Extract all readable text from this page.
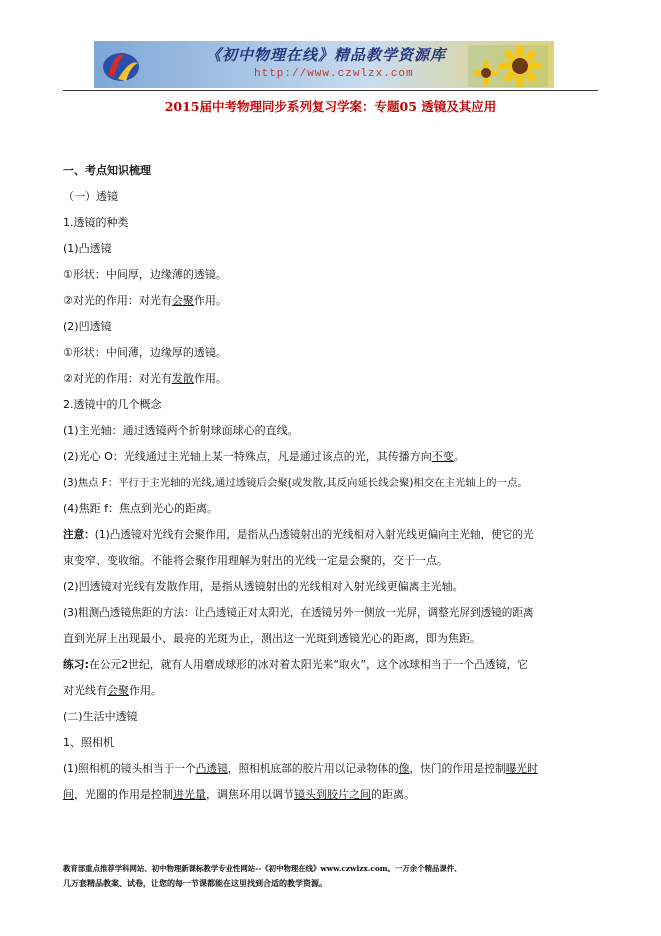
《初中物理在线》精品教学资源库
http://www.czwlzx.com
2015届中考物理同步系列复习学案：专题05 透镜及其应用
一、考点知识梳理
（一）透镜
1.透镜的种类
(1)凸透镜
①形状：中间厚，边缘薄的透镜。
②对光的作用：对光有会聚作用。
(2)凹透镜
①形状：中间薄，边缘厚的透镜。
②对光的作用：对光有发散作用。
2.透镜中的几个概念
(1)主光轴：通过透镜两个折射球面球心的直线。
(2)光心 O：光线通过主光轴上某一特殊点，凡是通过该点的光，其传播方向不变。
(3)焦点 F：平行于主光轴的光线,通过透镜后会聚(或发散,其反向延长线会聚)相交在主光轴上的一点。
(4)焦距 f：焦点到光心的距离。
注意：(1)凸透镜对光线有会聚作用，是指从凸透镜射出的光线相对入射光线更偏向主光轴，使它的光
束变窄、变收缩。不能将会聚作用理解为射出的光线一定是会聚的，交于一点。
(2)凹透镜对光线有发散作用，是指从透镜射出的光线相对入射光线更偏离主光轴。
(3)粗测凸透镜焦距的方法：让凸透镜正对太阳光，在透镜另外一侧放一光屏，调整光屏到透镜的距离
直到光屏上出现最小、最亮的光斑为止，测出这一光斑到透镜光心的距离，即为焦距。
练习:在公元2世纪，就有人用磨成球形的冰对着太阳光来“取火”，这个冰球相当于一个凸透镜，它
对光线有会聚作用。
(二)生活中透镜
1、照相机
(1)照相机的镜头相当于一个凸透镜，照相机底部的胶片用以记录物体的像，快门的作用是控制曝光时
间，光圈的作用是控制进光量，调焦环用以调节镜头到胶片之间的距离。
教育部重点推荐学科网站、初中物理新课标教学专业性网站--《初中物理在线》www.czwlzx.com。一万余个精品课件、
几万套精品教案、试卷，让您的每一节课都能在这里找到合适的教学资源。
